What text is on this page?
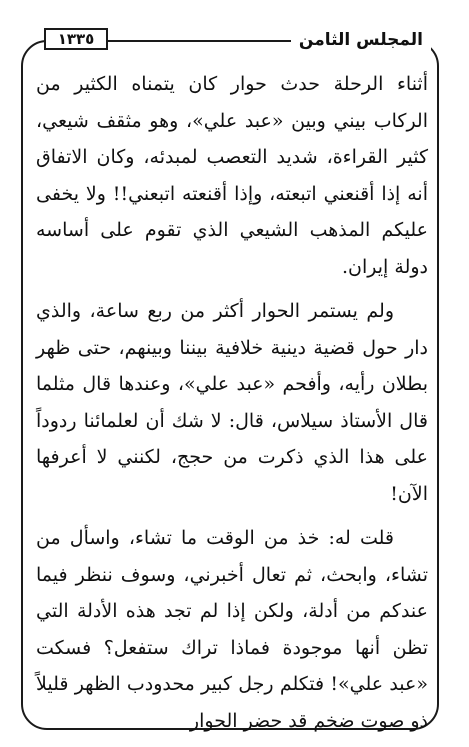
المجلس الثامن
١٣٣٥

أثناء الرحلة حدث حوار كان يتمناه الكثير من الركاب بيني وبين «عبد علي»، وهو مثقف شيعي، كثير القراءة، شديد التعصب لمبدئه، وكان الاتفاق أنه إذا أقنعني اتبعته، وإذا أقنعته اتبعني!! ولا يخفى عليكم المذهب الشيعي الذي تقوم على أساسه دولة إيران.

ولم يستمر الحوار أكثر من ربع ساعة، والذي دار حول قضية دينية خلافية بيننا وبينهم، حتى ظهر بطلان رأيه، وأفحم «عبد علي»، وعندها قال مثلما قال الأستاذ سيلاس، قال: لا شك أن لعلمائنا ردوداً على هذا الذي ذكرت من حجج، لكنني لا أعرفها الآن!

قلت له: خذ من الوقت ما تشاء، واسأل من تشاء، وابحث، ثم تعال أخبرني، وسوف ننظر فيما عندكم من أدلة، ولكن إذا لم تجد هذه الأدلة التي تظن أنها موجودة فماذا تراك ستفعل؟ فسكت «عبد علي»! فتكلم رجل كبير محدودب الظهر قليلاً ذو صوت ضخم قد حضر الحوار
